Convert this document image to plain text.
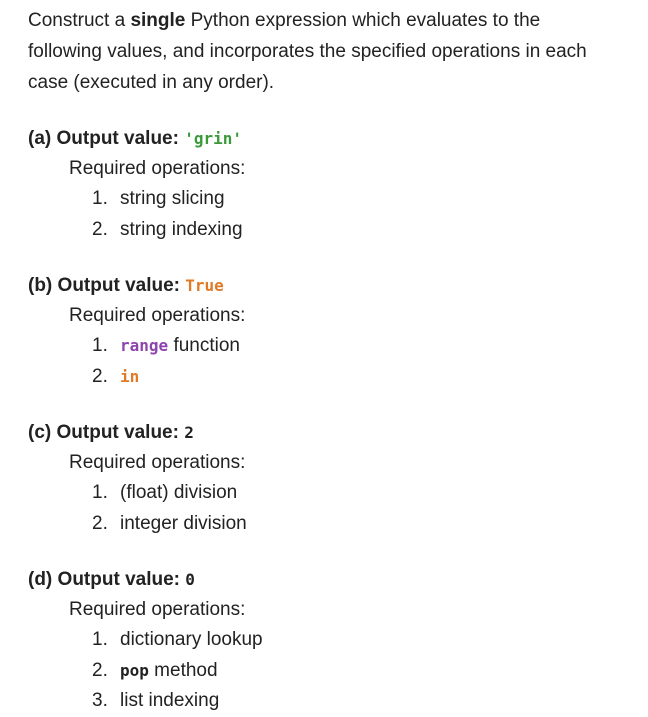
Construct a single Python expression which evaluates to the
following values, and incorporates the specified operations in each
case (executed in any order).

(a) Output value: 'grin'

Required operations:

1. string slicing
2. string indexing

(b) Output value: True

Required operations:

1. range function
2. in

(c) Output value: 2

Required operations:

1. (float) division
2. integer division

(d) Output value: 0

Required operations:

1. dictionary lookup
2. pop method
3. list indexing
